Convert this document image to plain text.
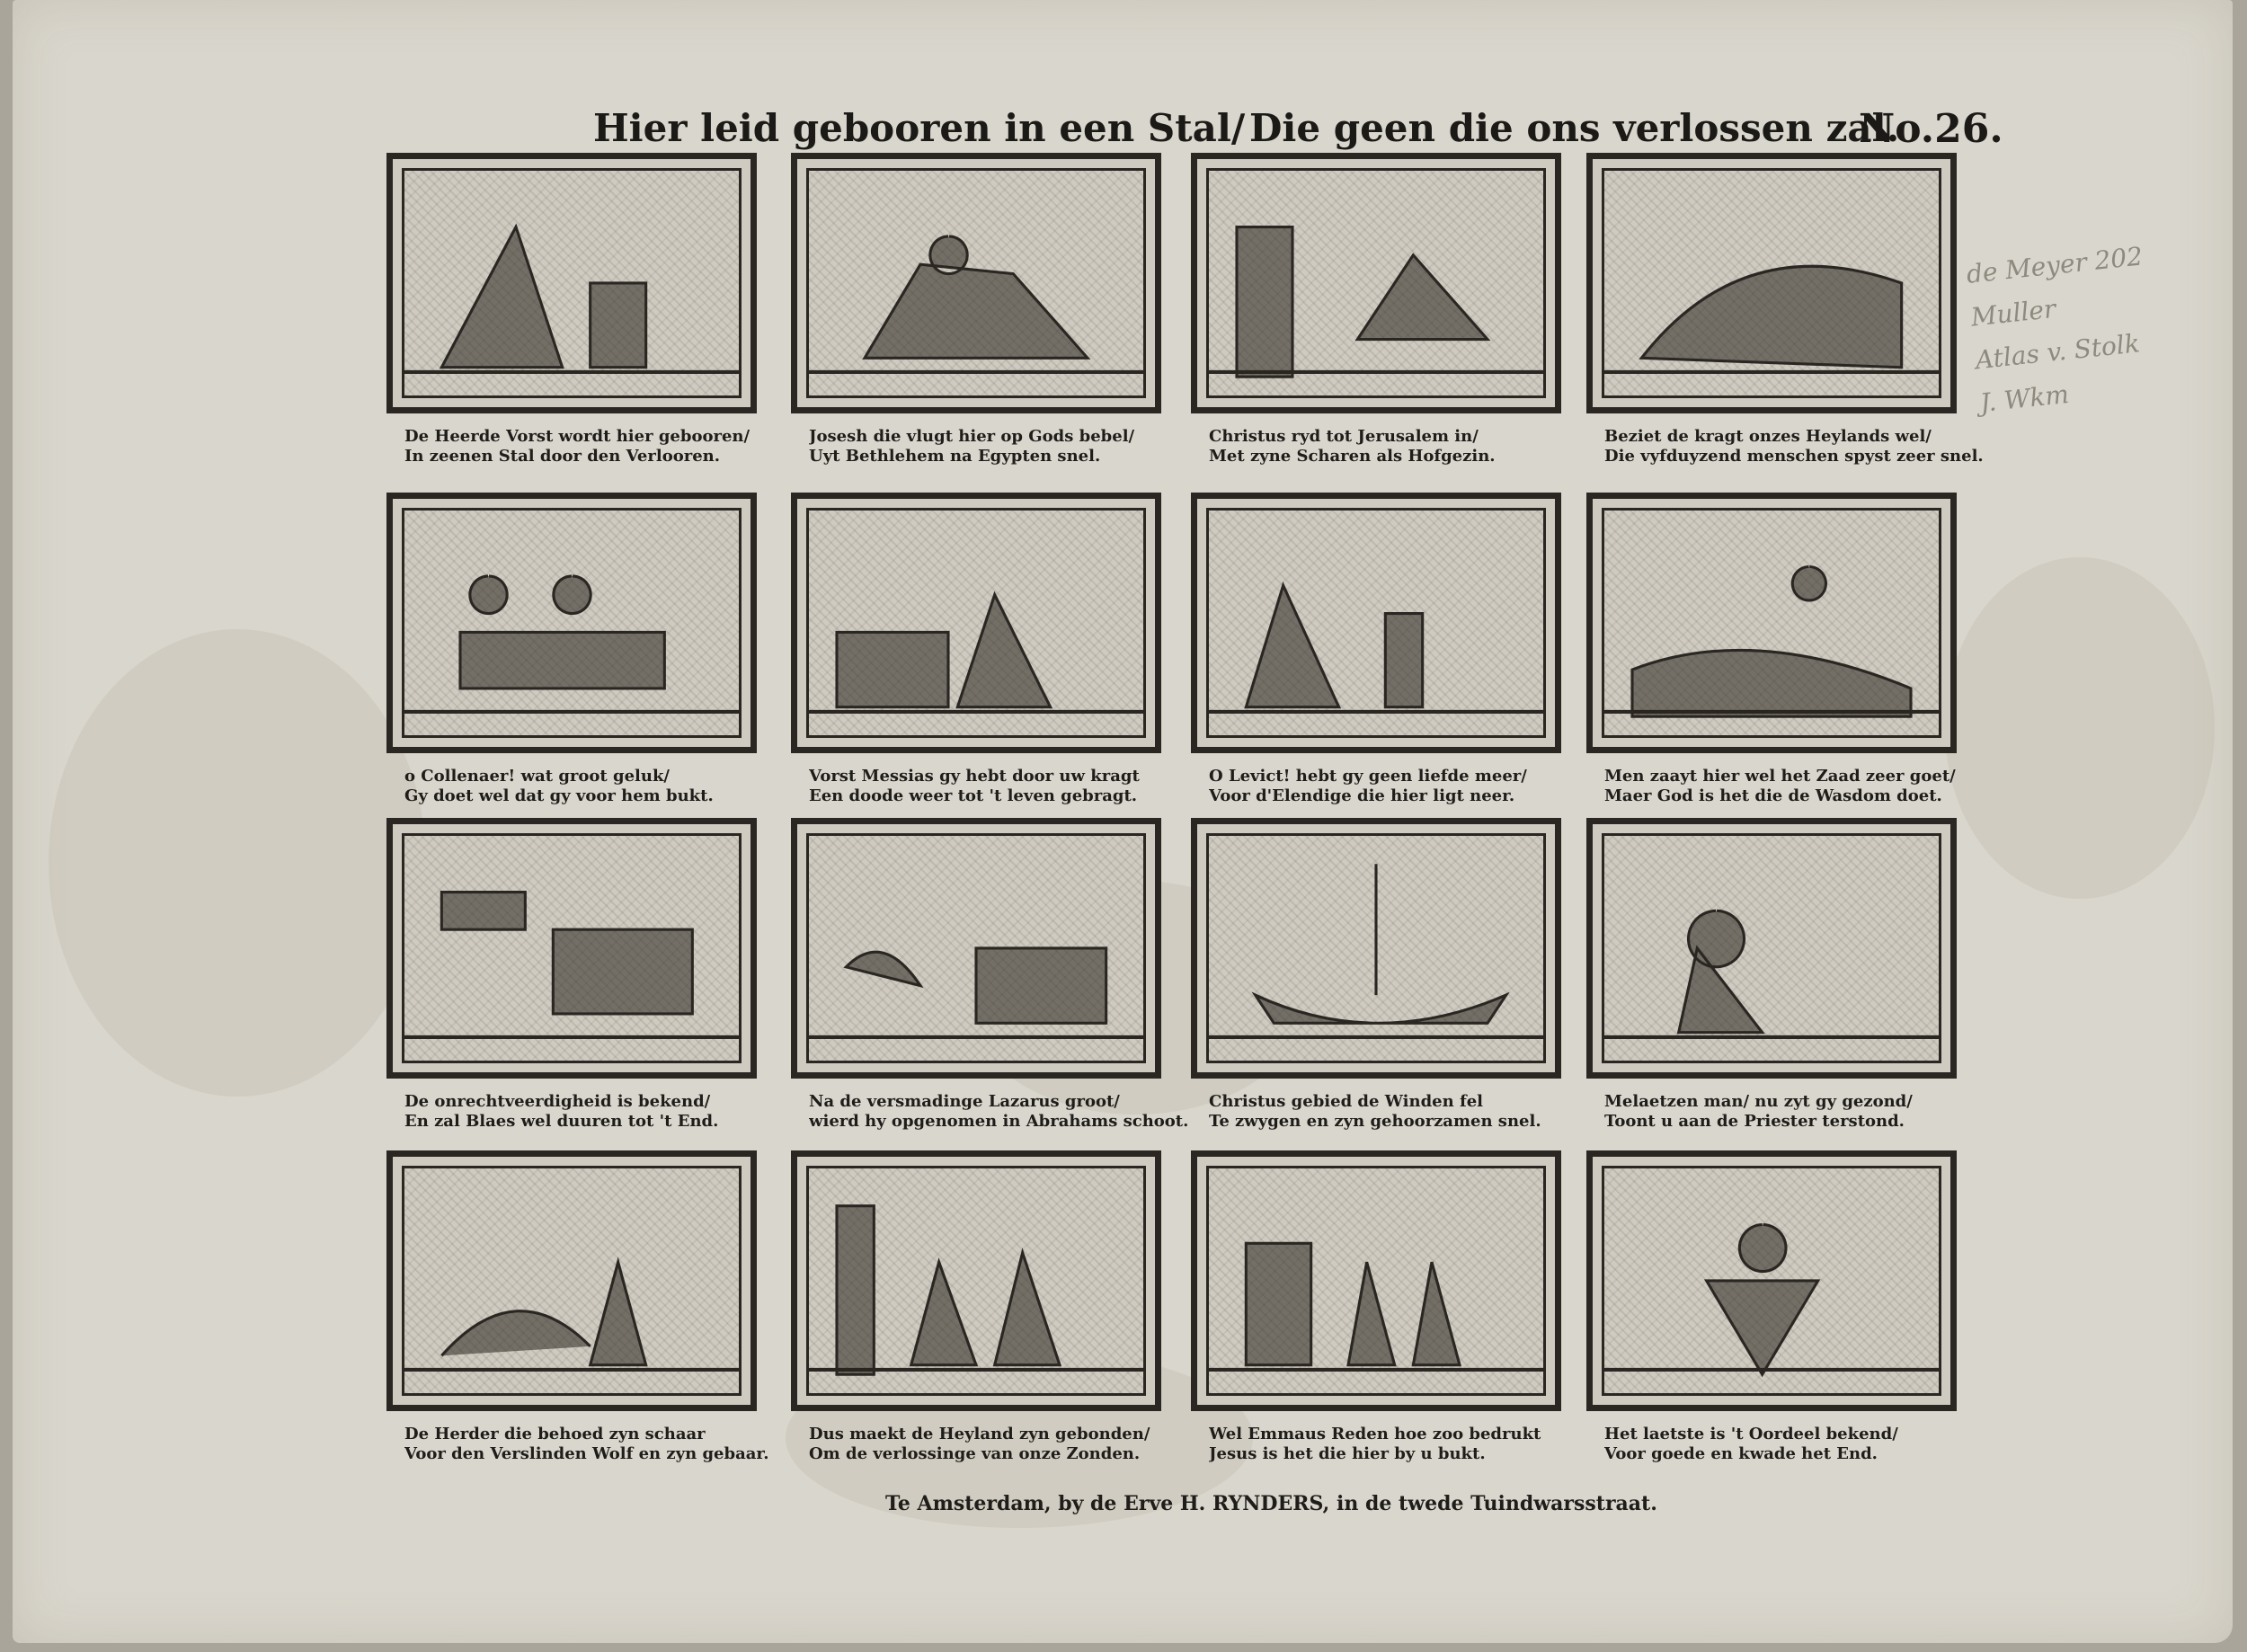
Hier leid gebooren in een Stal/ Die geen die ons verlossen zal.
No.26.
de Meyer 202
Muller
Atlas v. Stolk
J. Wkm
De Heerde Vorst wordt hier gebooren/
In zeenen Stal door den Verlooren.
Josesh die vlugt hier op Gods bebel/
Uyt Bethlehem na Egypten snel.
Christus ryd tot Jerusalem in/
Met zyne Scharen als Hofgezin.
Beziet de kragt onzes Heylands wel/
Die vyfduyzend menschen spyst zeer snel.
o Collenaer! wat groot geluk/
Gy doet wel dat gy voor hem bukt.
Vorst Messias gy hebt door uw kragt
Een doode weer tot 't leven gebragt.
O Levict! hebt gy geen liefde meer/
Voor d'Elendige die hier ligt neer.
Men zaayt hier wel het Zaad zeer goet/
Maer God is het die de Wasdom doet.
De onrechtveerdigheid is bekend/
En zal Blaes wel duuren tot 't End.
Na de versmadinge Lazarus groot/
wierd hy opgenomen in Abrahams schoot.
Christus gebied de Winden fel
Te zwygen en zyn gehoorzamen snel.
Melaetzen man/ nu zyt gy gezond/
Toont u aan de Priester terstond.
De Herder die behoed zyn schaar
Voor den Verslinden Wolf en zyn gebaar.
Dus maekt de Heyland zyn gebonden/
Om de verlossinge van onze Zonden.
Wel Emmaus Reden hoe zoo bedrukt
Jesus is het die hier by u bukt.
Het laetste is 't Oordeel bekend/
Voor goede en kwade het End.
Te Amsterdam, by de Erve H. RYNDERS, in de twede Tuindwarsstraat.
